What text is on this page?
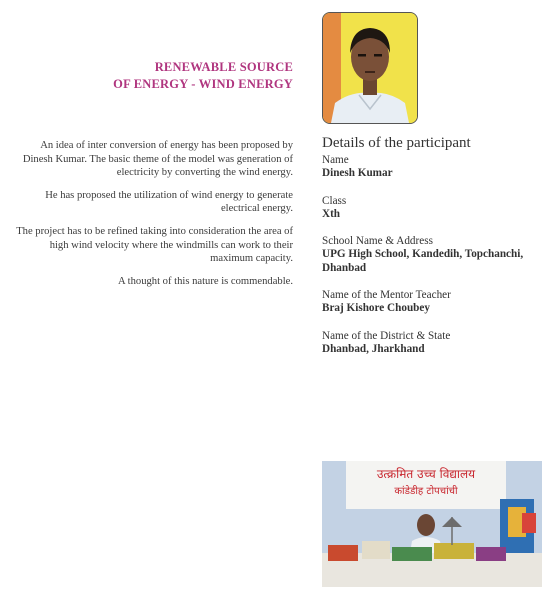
RENEWABLE SOURCE
OF ENERGY - WIND ENERGY

An idea of inter conversion of energy has been proposed by Dinesh Kumar. The basic theme of the model was generation of electricity by converting the wind energy.

He has proposed the utilization of wind energy to generate electrical energy.

The project has to be refined taking into consideration the area of high wind velocity where the windmills can work to their maximum capacity.

A thought of this nature is commendable.

Details of the participant
Name
Dinesh Kumar
Class
Xth
School Name & Address
UPG High School, Kandedih, Topchanchi, Dhanbad
Name of the Mentor Teacher
Braj Kishore Choubey
Name of the District & State
Dhanbad, Jharkhand
उत्क्रमित उच्च विद्यालय
कांडेडीह टोपचांची
